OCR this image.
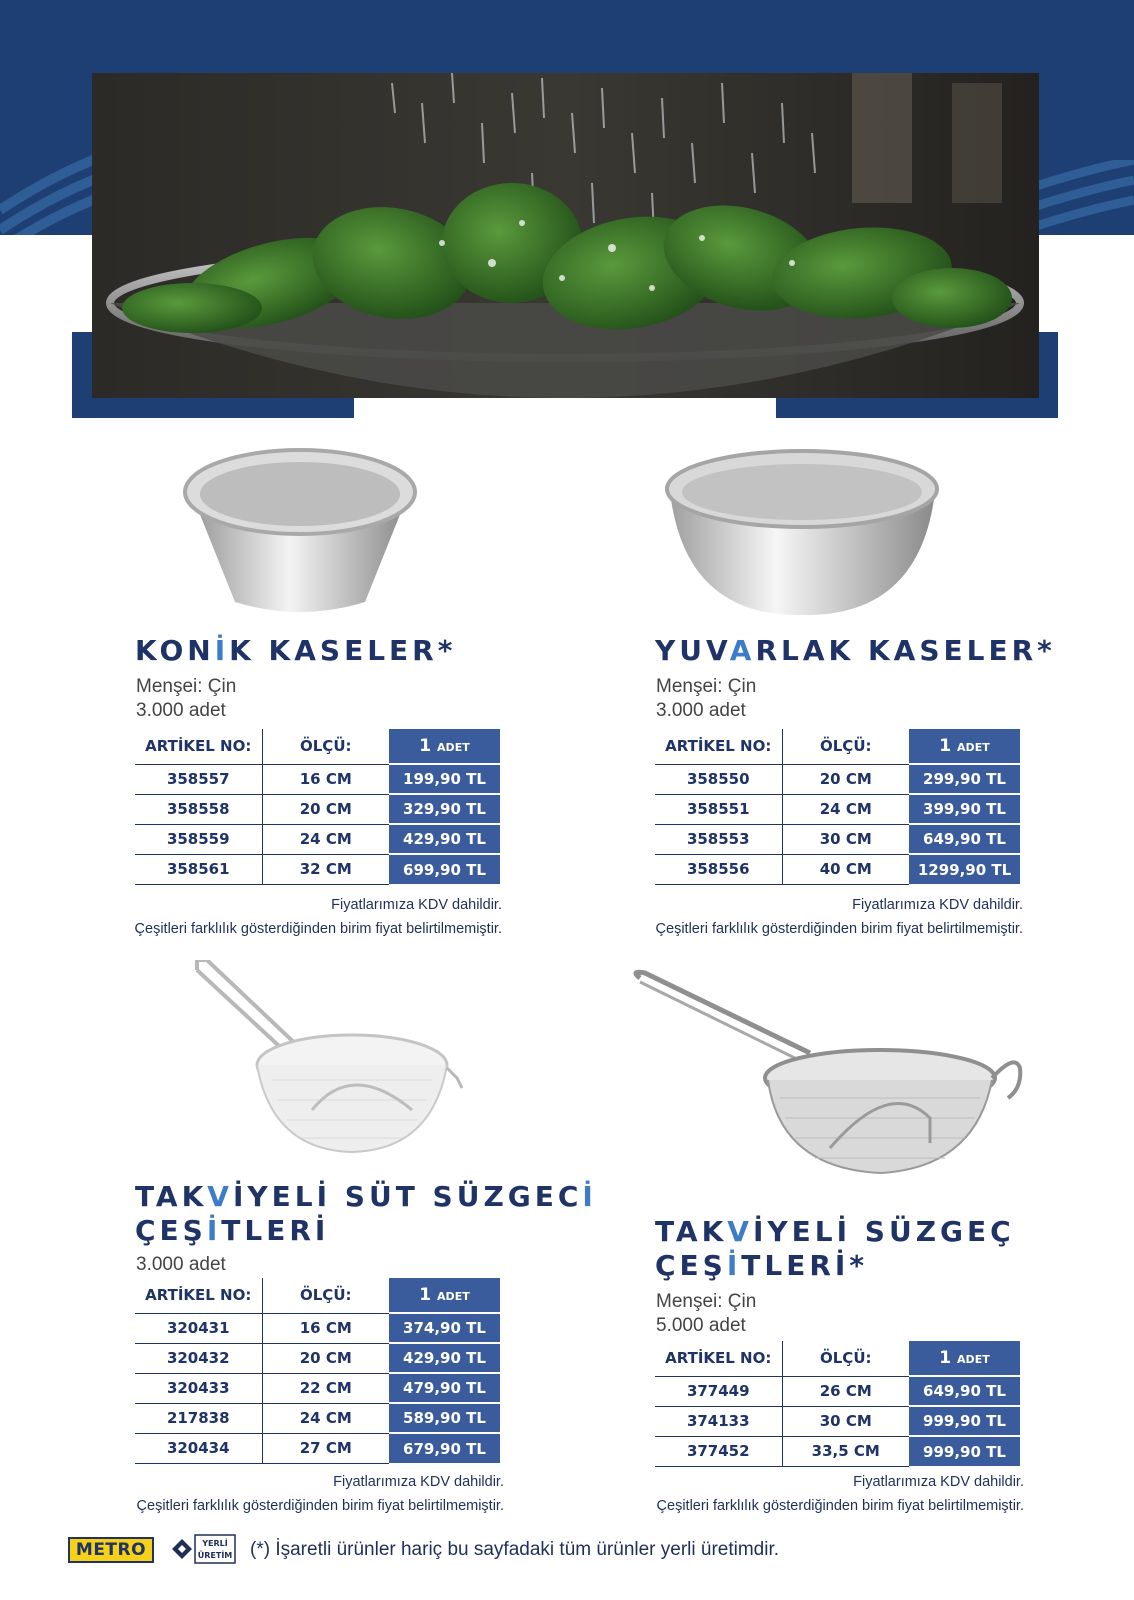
KONİK KASELER*
Menşei: Çin
3.000 adet
ARTİKEL NO:	ÖLÇÜ:	1 ADET
358557	16 CM	199,90 TL
358558	20 CM	329,90 TL
358559	24 CM	429,90 TL
358561	32 CM	699,90 TL
Fiyatlarımıza KDV dahildir.
Çeşitleri farklılık gösterdiğinden birim fiyat belirtilmemiştir.
YUVARLAK KASELER*
Menşei: Çin
3.000 adet
ARTİKEL NO:	ÖLÇÜ:	1 ADET
358550	20 CM	299,90 TL
358551	24 CM	399,90 TL
358553	30 CM	649,90 TL
358556	40 CM	1299,90 TL
Fiyatlarımıza KDV dahildir.
Çeşitleri farklılık gösterdiğinden birim fiyat belirtilmemiştir.
TAKVİYELİ SÜT SÜZGECİ
ÇEŞİTLERİ
3.000 adet
ARTİKEL NO:	ÖLÇÜ:	1 ADET
320431	16 CM	374,90 TL
320432	20 CM	429,90 TL
320433	22 CM	479,90 TL
217838	24 CM	589,90 TL
320434	27 CM	679,90 TL
Fiyatlarımıza KDV dahildir.
Çeşitleri farklılık gösterdiğinden birim fiyat belirtilmemiştir.
TAKVİYELİ SÜZGEÇ
ÇEŞİTLERİ*
Menşei: Çin
5.000 adet
ARTİKEL NO:	ÖLÇÜ:	1 ADET
377449	26 CM	649,90 TL
374133	30 CM	999,90 TL
377452	33,5 CM	999,90 TL
Fiyatlarımıza KDV dahildir.
Çeşitleri farklılık gösterdiğinden birim fiyat belirtilmemiştir.
METRO	YERLİ
ÜRETİM (*) İşaretli ürünler hariç bu sayfadaki tüm ürünler yerli üretimdir.
